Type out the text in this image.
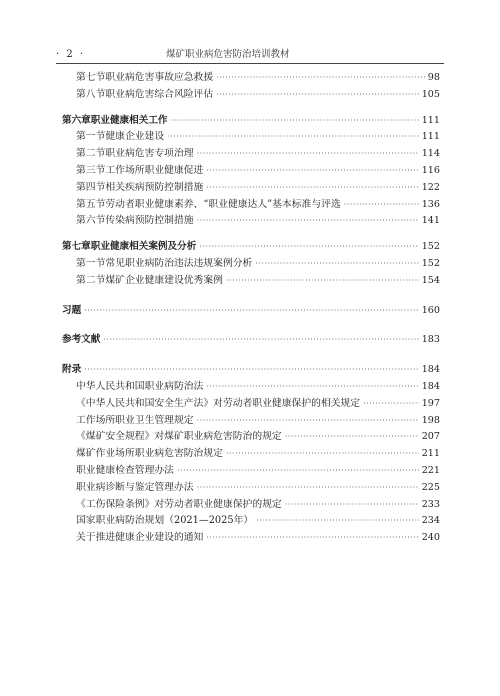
· 2 ·	煤矿职业病危害防治培训教材
第七节 职业病危害事故应急救援 ·····	98
第八节 职业病危害综合风险评估 ·····	105
第六章 职业健康相关工作 ·····	111
第一节 健康企业建设 ·····	111
第二节 职业病危害专项治理 ·····	114
第三节 工作场所职业健康促进 ·····	116
第四节 相关疾病预防控制措施 ·····	122
第五节 劳动者职业健康素养、“职业健康达人”基本标准与评选 ·····	136
第六节 传染病预防控制措施 ·····	141
第七章 职业健康相关案例及分析 ·····	152
第一节 常见职业病防治违法违规案例分析 ·····	152
第二节 煤矿企业健康建设优秀案例 ·····	154
习题 ·····	160
参考文献 ·····	183
附录 ·····	184
中华人民共和国职业病防治法 ·····	184
《中华人民共和国安全生产法》对劳动者职业健康保护的相关规定 ·····	197
工作场所职业卫生管理规定 ·····	198
《煤矿安全规程》对煤矿职业病危害防治的规定 ·····	207
煤矿作业场所职业病危害防治规定 ·····	211
职业健康检查管理办法 ·····	221
职业病诊断与鉴定管理办法 ·····	225
《工伤保险条例》对劳动者职业健康保护的规定 ·····	233
国家职业病防治规划（2021—2025年） ·····	234
关于推进健康企业建设的通知 ·····	240
